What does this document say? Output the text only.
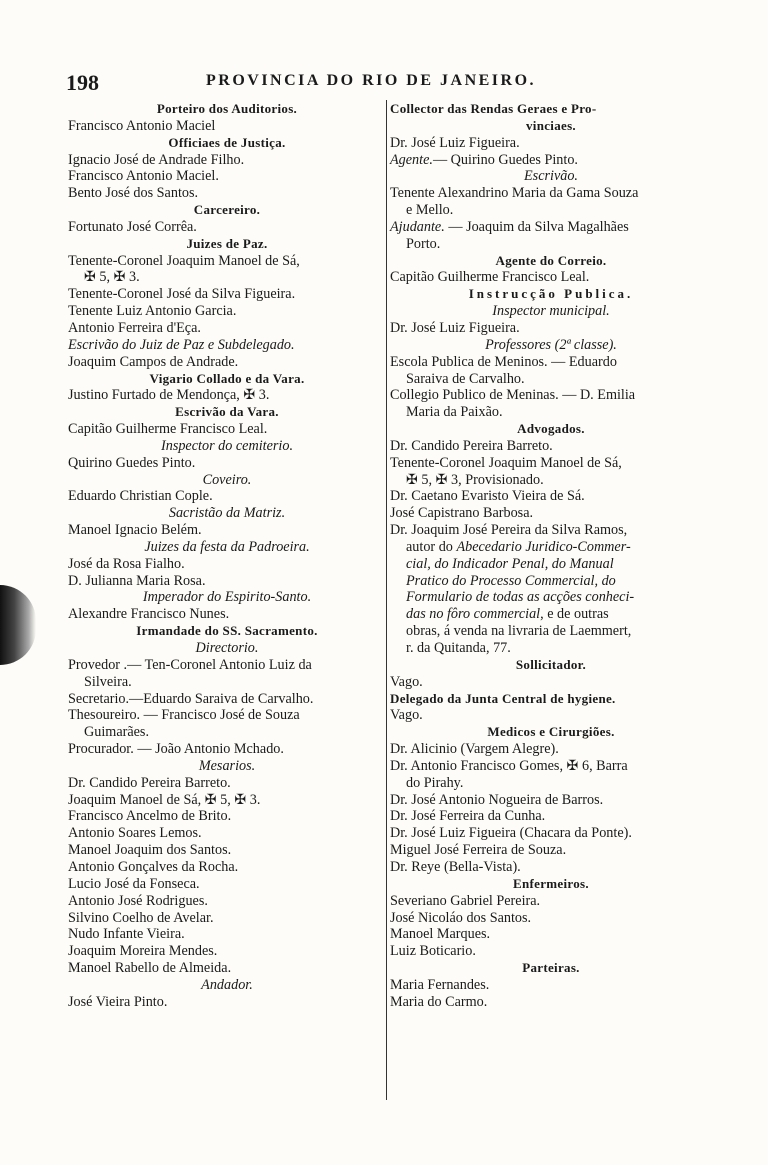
198	PROVINCIA DO RIO DE JANEIRO.
Porteiro dos Auditorios.
Francisco Antonio Maciel
Officiaes de Justiça.
Ignacio José de Andrade Filho.
Francisco Antonio Maciel.
Bento José dos Santos.
Carcereiro.
Fortunato José Corrêa.
Juizes de Paz.
Tenente-Coronel Joaquim Manoel de Sá,
✠ 5, ✠ 3.
Tenente-Coronel José da Silva Figueira.
Tenente Luiz Antonio Garcia.
Antonio Ferreira d'Eça.
Escrivão do Juiz de Paz e Subdelegado.
Joaquim Campos de Andrade.
Vigario Collado e da Vara.
Justino Furtado de Mendonça, ✠ 3.
Escrivão da Vara.
Capitão Guilherme Francisco Leal.
Inspector do cemiterio.
Quirino Guedes Pinto.
Coveiro.
Eduardo Christian Cople.
Sacristão da Matriz.
Manoel Ignacio Belém.
Juizes da festa da Padroeira.
José da Rosa Fialho.
D. Julianna Maria Rosa.
Imperador do Espirito-Santo.
Alexandre Francisco Nunes.
Irmandade do SS. Sacramento.
Directorio.
Provedor .— Ten-Coronel Antonio Luiz da
Silveira.
Secretario.—Eduardo Saraiva de Carvalho.
Thesoureiro. — Francisco José de Souza
Guimarães.
Procurador. — João Antonio Mchado.
Mesarios.
Dr. Candido Pereira Barreto.
Joaquim Manoel de Sá, ✠ 5, ✠ 3.
Francisco Ancelmo de Brito.
Antonio Soares Lemos.
Manoel Joaquim dos Santos.
Antonio Gonçalves da Rocha.
Lucio José da Fonseca.
Antonio José Rodrigues.
Silvino Coelho de Avelar.
Nudo Infante Vieira.
Joaquim Moreira Mendes.
Manoel Rabello de Almeida.
Andador.
José Vieira Pinto.
Collector das Rendas Geraes e Pro-
vinciaes.
Dr. José Luiz Figueira.
Agente.— Quirino Guedes Pinto.
Escrivão.
Tenente Alexandrino Maria da Gama Souza
e Mello.
Ajudante. — Joaquim da Silva Magalhães
Porto.
Agente do Correio.
Capitão Guilherme Francisco Leal.
Instrucção Publica.
Inspector municipal.
Dr. José Luiz Figueira.
Professores (2ª classe).
Escola Publica de Meninos. — Eduardo
Saraiva de Carvalho.
Collegio Publico de Meninas. — D. Emilia
Maria da Paixão.
Advogados.
Dr. Candido Pereira Barreto.
Tenente-Coronel Joaquim Manoel de Sá,
✠ 5, ✠ 3, Provisionado.
Dr. Caetano Evaristo Vieira de Sá.
José Capistrano Barbosa.
Dr. Joaquim José Pereira da Silva Ramos,
autor do Abecedario Juridico-Commer-
cial, do Indicador Penal, do Manual
Pratico do Processo Commercial, do
Formulario de todas as acções conheci-
das no fôro commercial, e de outras
obras, á venda na livraria de Laemmert,
r. da Quitanda, 77.
Sollicitador.
Vago.
Delegado da Junta Central de hygiene.
Vago.
Medicos e Cirurgiões.
Dr. Alicinio (Vargem Alegre).
Dr. Antonio Francisco Gomes, ✠ 6, Barra
do Pirahy.
Dr. José Antonio Nogueira de Barros.
Dr. José Ferreira da Cunha.
Dr. José Luiz Figueira (Chacara da Ponte).
Miguel José Ferreira de Souza.
Dr. Reye (Bella-Vista).
Enfermeiros.
Severiano Gabriel Pereira.
José Nicoláo dos Santos.
Manoel Marques.
Luiz Boticario.
Parteiras.
Maria Fernandes.
Maria do Carmo.
